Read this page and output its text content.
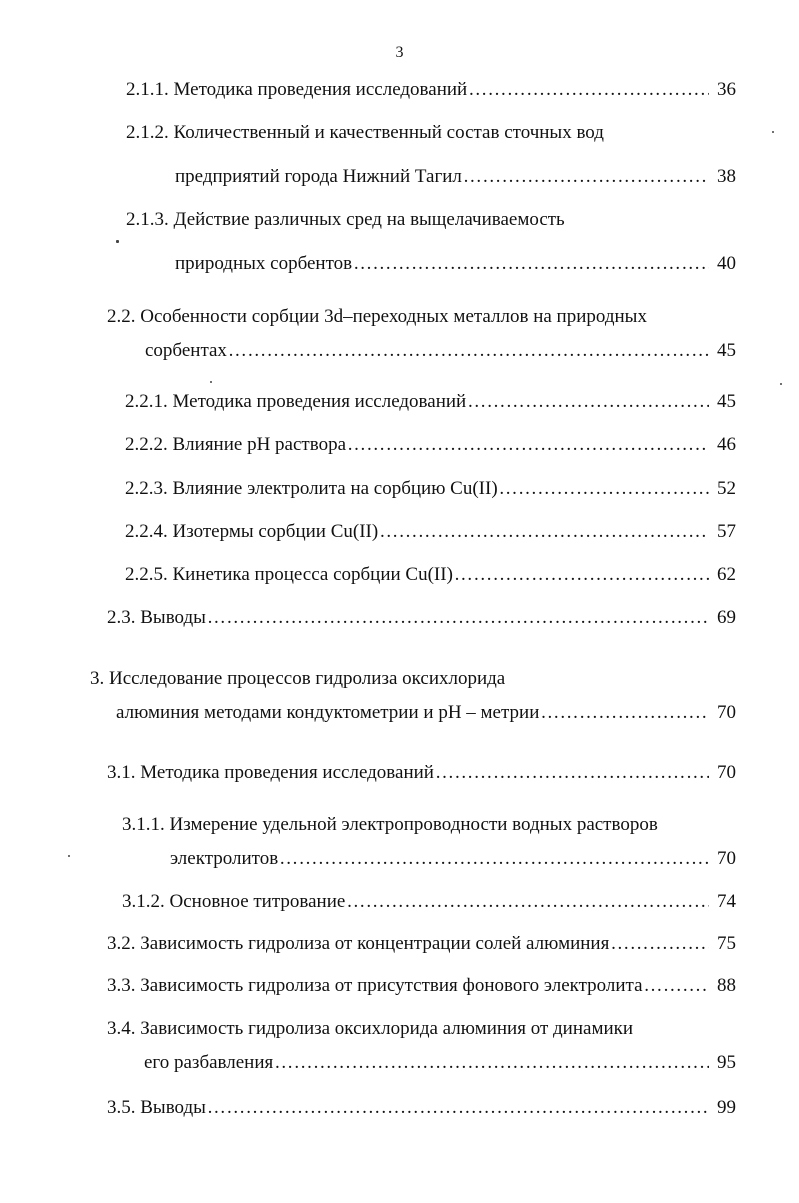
3
2.1.1. Методика проведения исследований ………………………………………………………………………………………………………………………………………………………………………………………	36
2.1.2. Количественный и качественный состав сточных вод
предприятий города Нижний Тагил ………………………………………………………………………………………………………………………………………………………………………………………	38
2.1.3. Действие различных сред на выщелачиваемость
природных сорбентов ………………………………………………………………………………………………………………………………………………………………………………………	40
2.2. Особенности сорбции 3d–переходных металлов на природных
сорбентах ………………………………………………………………………………………………………………………………………………………………………………………	45
2.2.1. Методика проведения исследований ………………………………………………………………………………………………………………………………………………………………………………………	45
2.2.2. Влияние pH раствора ………………………………………………………………………………………………………………………………………………………………………………………	46
2.2.3. Влияние электролита на сорбцию Cu(II) ………………………………………………………………………………………………………………………………………………………………………………………	52
2.2.4. Изотермы сорбции Cu(II) ………………………………………………………………………………………………………………………………………………………………………………………	57
2.2.5. Кинетика процесса сорбции Cu(II) ………………………………………………………………………………………………………………………………………………………………………………………	62
2.3. Выводы ………………………………………………………………………………………………………………………………………………………………………………………	69
3. Исследование процессов гидролиза оксихлорида
алюминия методами кондуктометрии и pH – метрии ………………………………………………………………………………………………………………………………………………………………………………………	70
3.1. Методика проведения исследований ………………………………………………………………………………………………………………………………………………………………………………………	70
3.1.1. Измерение удельной электропроводности водных растворов
электролитов ………………………………………………………………………………………………………………………………………………………………………………………	70
3.1.2. Основное титрование ………………………………………………………………………………………………………………………………………………………………………………………	74
3.2. Зависимость гидролиза от концентрации солей алюминия ………………………………………………………………………………………………………………………………………………………………………………………	75
3.3. Зависимость гидролиза от присутствия фонового электролита ………………………………………………………………………………………………………………………………………………………………………………………	88
3.4. Зависимость гидролиза оксихлорида алюминия от динамики
его разбавления ………………………………………………………………………………………………………………………………………………………………………………………	95
3.5. Выводы ………………………………………………………………………………………………………………………………………………………………………………………	99
